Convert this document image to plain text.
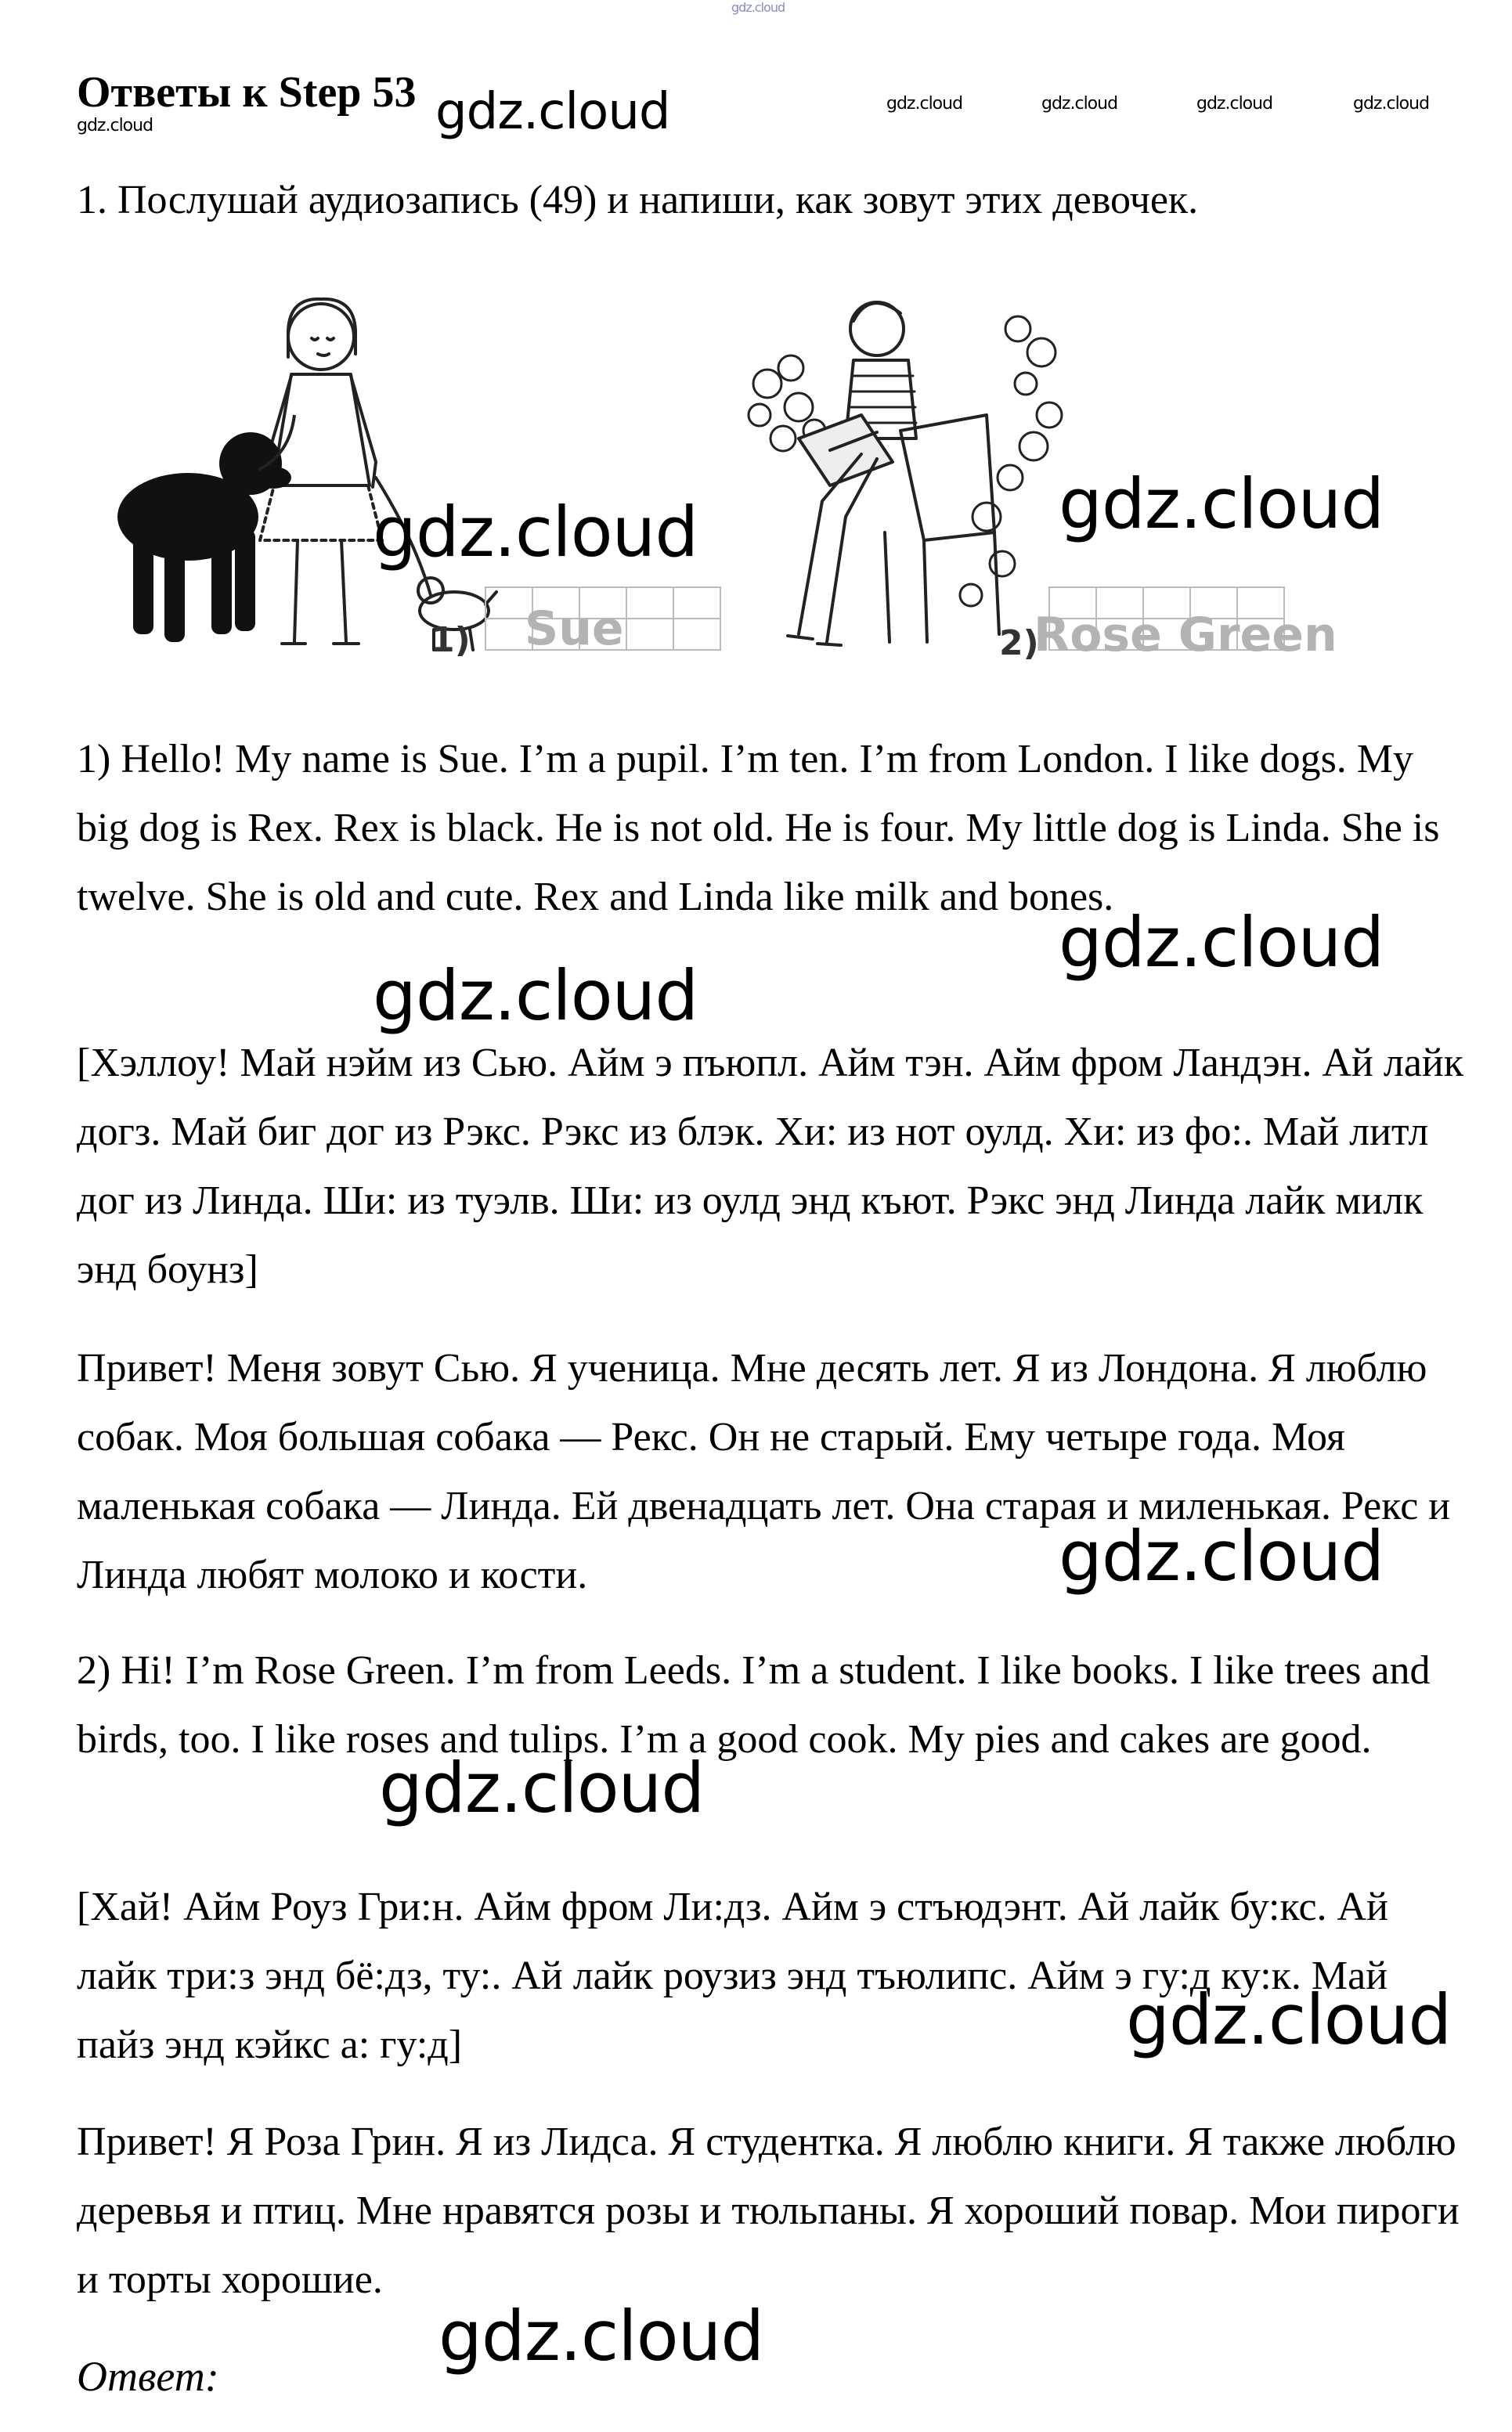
gdz.cloud
Ответы к Step 53
gdz.cloud	gdz.cloud	gdz.cloud	gdz.cloud	gdz.cloud	gdz.cloud
1. Послушай аудиозапись (49) и напиши, как зовут этих девочек.
1) Sue	2)
Rose Green
gdz.cloud	gdz.cloud
1) Hello! My name is Sue. I’m a pupil. I’m ten. I’m from London. I like dogs. My big dog is Rex. Rex is black. He is not old. He is four. My little dog is Linda. She is twelve. She is old and cute. Rex and Linda like milk and bones.
[Хэллоу! Май нэйм из Сью. Айм э пъюпл. Айм тэн. Айм фром Ландэн. Ай лайк догз. Май биг дог из Рэкс. Рэкс из блэк. Хи: из нот оулд. Хи: из фо:. Май литл дог из Линда. Ши: из туэлв. Ши: из оулд энд къют. Рэкс энд Линда лайк милк энд боунз]
Привет! Меня зовут Сью. Я ученица. Мне десять лет. Я из Лондона. Я люблю собак. Моя большая собака — Рекс. Он не старый. Ему четыре года. Моя маленькая собака — Линда. Ей двенадцать лет. Она старая и миленькая. Рекс и Линда любят молоко и кости.
2) Hi! I’m Rose Green. I’m from Leeds. I’m a student. I like books. I like trees and birds, too. I like roses and tulips. I’m a good cook. My pies and cakes are good.
[Хай! Айм Роуз Гри:н. Айм фром Ли:дз. Айм э стъюдэнт. Ай лайк бу:кс. Ай лайк три:з энд бё:дз, ту:. Ай лайк роузиз энд тъюлипс. Айм э гу:д ку:к. Май пайз энд кэйкс а: гу:д]
Привет! Я Роза Грин. Я из Лидса. Я студентка. Я люблю книги. Я также люблю деревья и птиц. Мне нравятся розы и тюльпаны. Я хороший повар. Мои пироги и торты хорошие.
Ответ:
gdz.cloud
gdz.cloud
gdz.cloud
gdz.cloud
gdz.cloud
gdz.cloud
